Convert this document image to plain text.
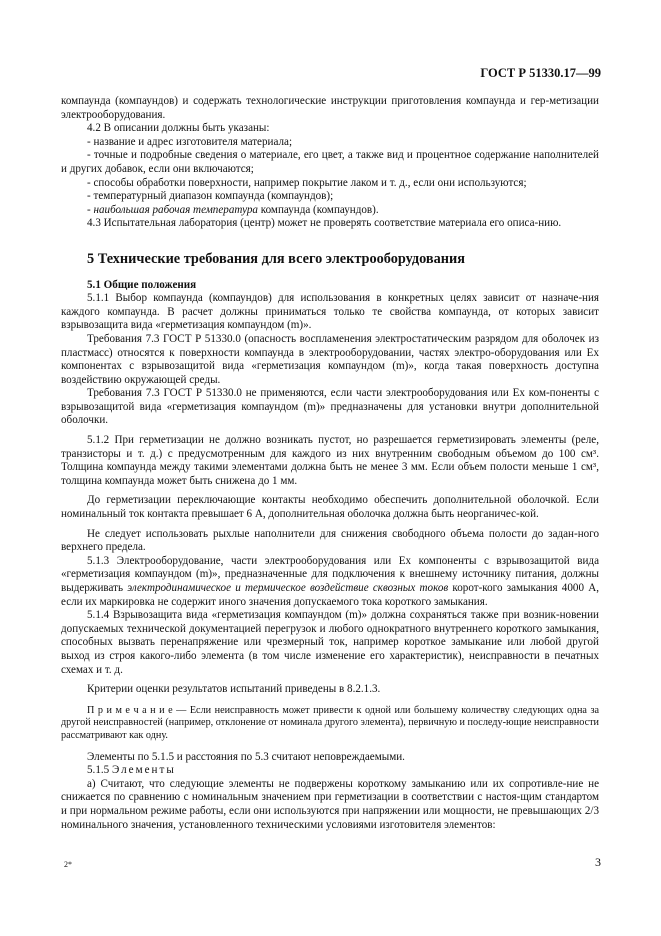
ГОСТ Р 51330.17—99

компаунда (компаундов) и содержать технологические инструкции приготовления компаунда и гер-метизации электрооборудования.

4.2 В описании должны быть указаны:

- название и адрес изготовителя материала;

- точные и подробные сведения о материале, его цвет, а также вид и процентное содержание наполнителей и других добавок, если они включаются;

- способы обработки поверхности, например покрытие лаком и т. д., если они используются;

- температурный диапазон компаунда (компаундов);

- наибольшая рабочая температура компаунда (компаундов).

4.3 Испытательная лаборатория (центр) может не проверять соответствие материала его описа-нию.

5 Технические требования для всего электрооборудования

5.1 Общие положения

5.1.1 Выбор компаунда (компаундов) для использования в конкретных целях зависит от назначе-ния каждого компаунда. В расчет должны приниматься только те свойства компаунда, от которых зависит взрывозащита вида «герметизация компаундом (m)».

Требования 7.3 ГОСТ Р 51330.0 (опасность воспламенения электростатическим разрядом для оболочек из пластмасс) относятся к поверхности компаунда в электрооборудовании, частях электро-оборудования или Ex компонентах с взрывозащитой вида «герметизация компаундом (m)», когда такая поверхность доступна воздействию окружающей среды.

Требования 7.3 ГОСТ Р 51330.0 не применяются, если части электрооборудования или Ex ком-поненты с взрывозащитой вида «герметизация компаундом (m)» предназначены для установки внутри дополнительной оболочки.

5.1.2 При герметизации не должно возникать пустот, но разрешается герметизировать элементы (реле, транзисторы и т. д.) с предусмотренным для каждого из них внутренним свободным объемом до 100 см³. Толщина компаунда между такими элементами должна быть не менее 3 мм. Если объем полости меньше 1 см³, толщина компаунда может быть снижена до 1 мм.

До герметизации переключающие контакты необходимо обеспечить дополнительной оболочкой. Если номинальный ток контакта превышает 6 А, дополнительная оболочка должна быть неорганичес-кой.

Не следует использовать рыхлые наполнители для снижения свободного объема полости до задан-ного верхнего предела.

5.1.3 Электрооборудование, части электрооборудования или Ex компоненты с взрывозащитой вида «герметизация компаундом (m)», предназначенные для подключения к внешнему источнику питания, должны выдерживать электродинамическое и термическое воздействие сквозных токов корот-кого замыкания 4000 А, если их маркировка не содержит иного значения допускаемого тока короткого замыкания.

5.1.4 Взрывозащита вида «герметизация компаундом (m)» должна сохраняться также при возник-новении допускаемых технической документацией перегрузок и любого однократного внутреннего короткого замыкания, способных вызвать перенапряжение или чрезмерный ток, например короткое замыкание или любой другой выход из строя какого-либо элемента (в том числе изменение его характеристик), неисправности в печатных схемах и т. д.

Критерии оценки результатов испытаний приведены в 8.2.1.3.

П р и м е ч а н и е — Если неисправность может привести к одной или большему количеству следующих одна за другой неисправностей (например, отклонение от номинала другого элемента), первичную и последу-ющие неисправности рассматривают как одну.

Элементы по 5.1.5 и расстояния по 5.3 считают неповреждаемыми.

5.1.5 Элементы

а) Считают, что следующие элементы не подвержены короткому замыканию или их сопротивле-ние не снижается по сравнению с номинальным значением при герметизации в соответствии с настоя-щим стандартом и при нормальном режиме работы, если они используются при напряжении или мощности, не превышающих 2/3 номинального значения, установленного техническими условиями изготовителя элементов:

2*	3
